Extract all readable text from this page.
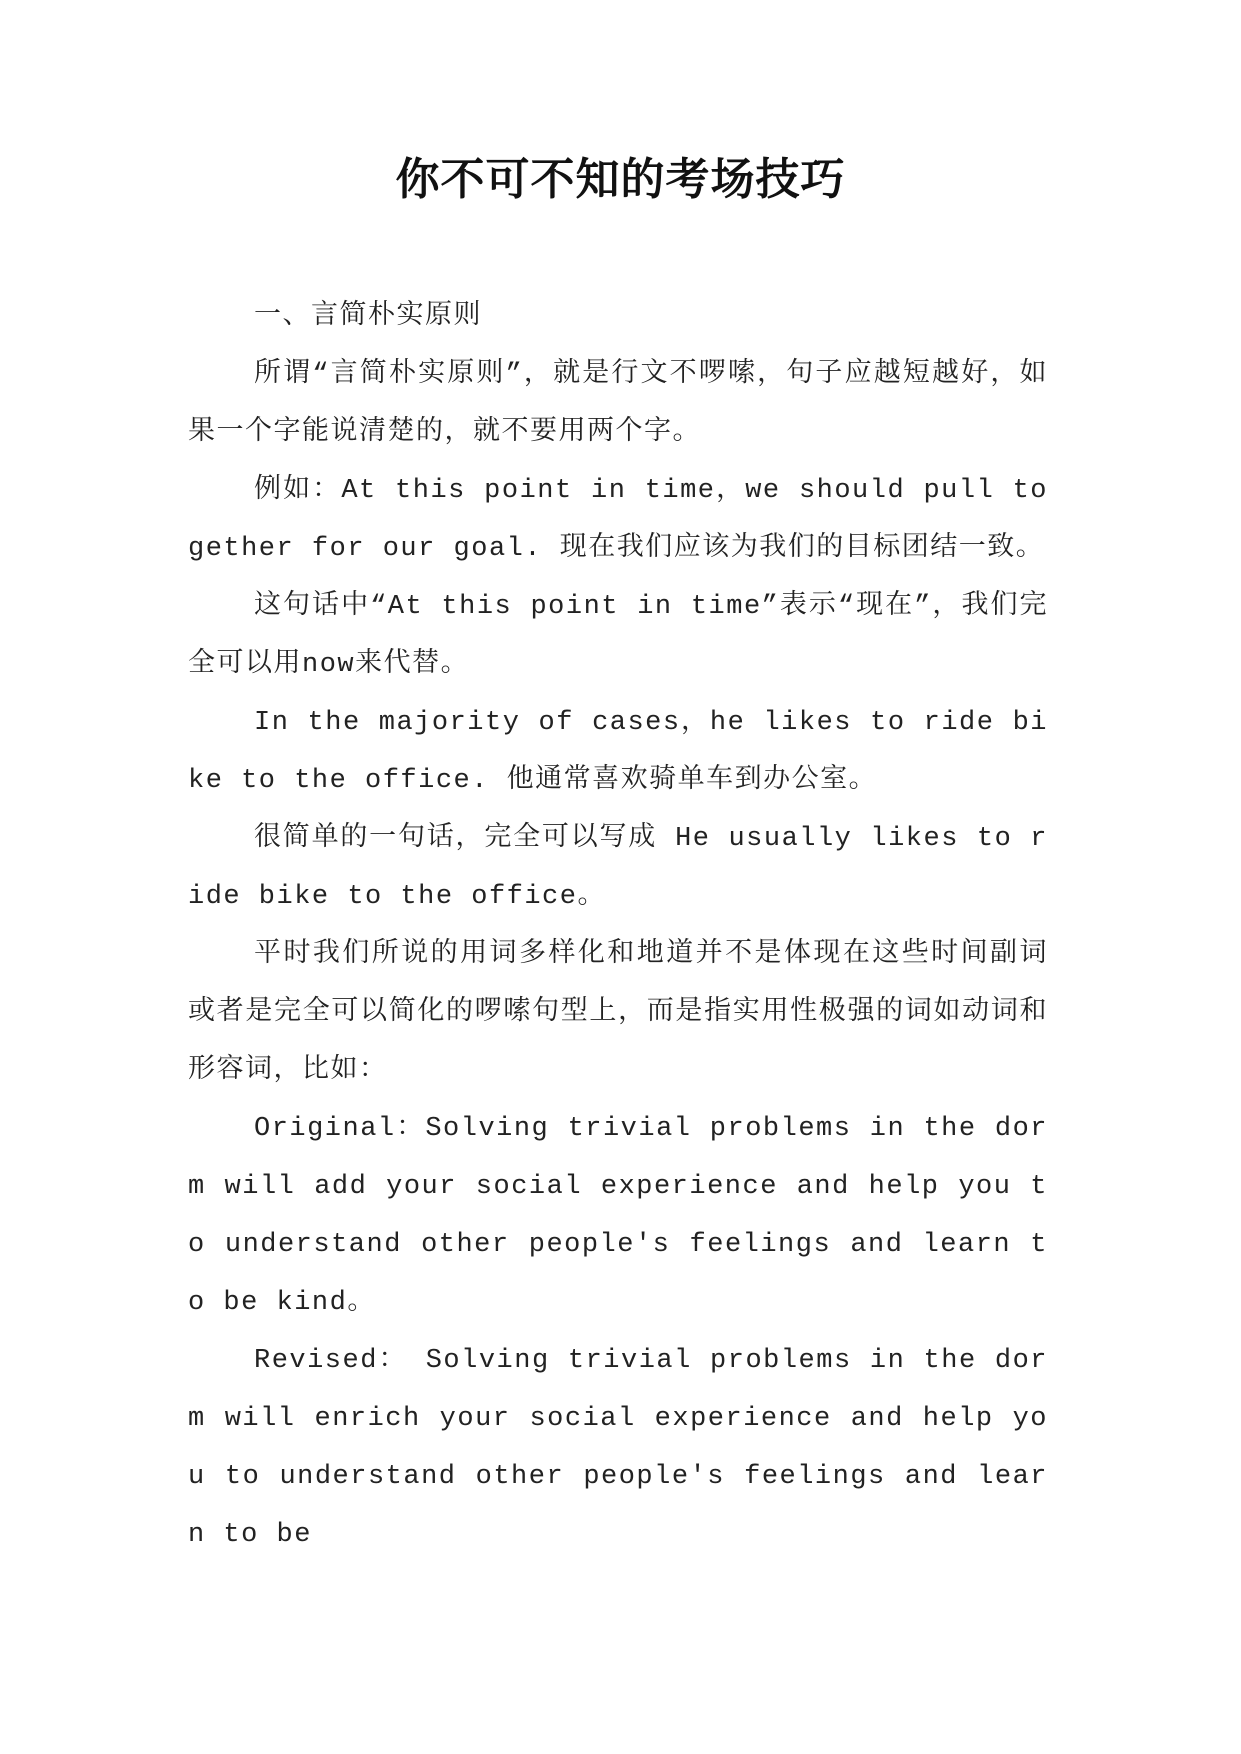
你不可不知的考场技巧

一、言简朴实原则

所谓“言简朴实原则”，就是行文不啰嗦，句子应越短越好，如果一个字能说清楚的，就不要用两个字。

例如：At this point in time，we should pull together for our goal. 现在我们应该为我们的目标团结一致。

这句话中“At this point in time”表示“现在”，我们完全可以用now来代替。

In the majority of cases，he likes to ride bike to the office. 他通常喜欢骑单车到办公室。

很简单的一句话，完全可以写成 He usually likes to ride bike to the office。

平时我们所说的用词多样化和地道并不是体现在这些时间副词或者是完全可以简化的啰嗦句型上，而是指实用性极强的词如动词和形容词，比如：

Original：Solving trivial problems in the dorm will add your social experience and help you to understand other people's feelings and learn to be kind。

Revised： Solving trivial problems in the dorm will enrich your social experience and help you to understand other people's feelings and learn to be
